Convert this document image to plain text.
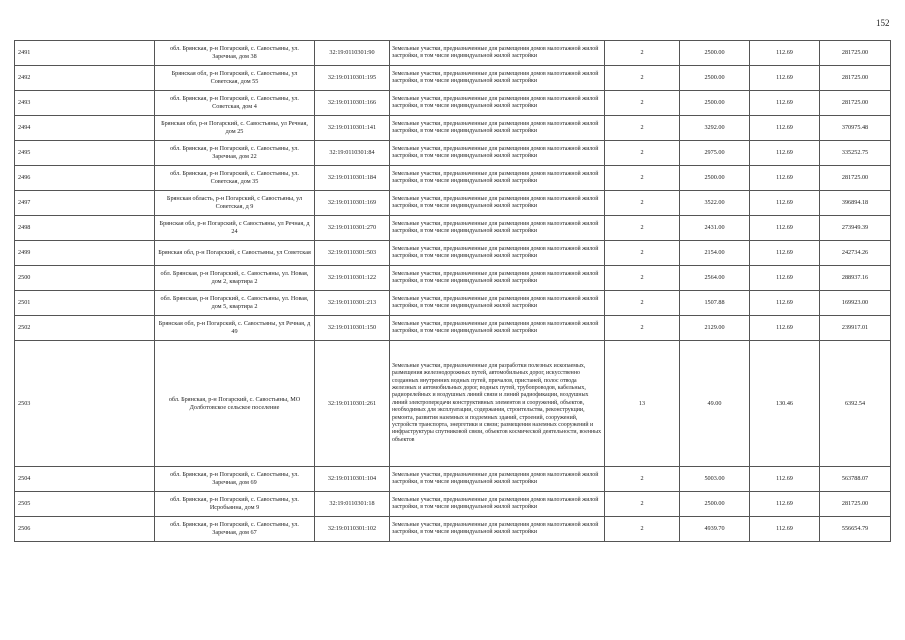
152
2491	обл. Брянская, р-н Погарский, с. Савостьяны, ул. Заречная, дом 38	32:19:0110301:90	Земельные участки, предназначенные для размещения домов малоэтажной жилой застройки, в том числе индивидуальной жилой застройки	2	2500.00	112.69	281725.00
2492	Брянская обл, р-н Погарский, с. Савостьяны, ул Советская, дом 55	32:19:0110301:195	Земельные участки, предназначенные для размещения домов малоэтажной жилой застройки, в том числе индивидуальной жилой застройки	2	2500.00	112.69	281725.00
2493	обл. Брянская, р-н Погарский, с. Савостьяны, ул. Советская, дом 4	32:19:0110301:166	Земельные участки, предназначенные для размещения домов малоэтажной жилой застройки, в том числе индивидуальной жилой застройки	2	2500.00	112.69	281725.00
2494	Брянская обл, р-н Погарский, с. Савостьяны, ул Речная, дом 25	32:19:0110301:141	Земельные участки, предназначенные для размещения домов малоэтажной жилой застройки, в том числе индивидуальной жилой застройки	2	3292.00	112.69	370975.48
2495	обл. Брянская, р-н Погарский, с. Савостьяны, ул. Заречная, дом 22	32:19:0110301:84	Земельные участки, предназначенные для размещения домов малоэтажной жилой застройки, в том числе индивидуальной жилой застройки	2	2975.00	112.69	335252.75
2496	обл. Брянская, р-н Погарский, с. Савостьяны, ул. Советская, дом 35	32:19:0110301:184	Земельные участки, предназначенные для размещения домов малоэтажной жилой застройки, в том числе индивидуальной жилой застройки	2	2500.00	112.69	281725.00
2497	Брянская область, р-н Погарский, с Савостьяны, ул Советская, д 9	32:19:0110301:169	Земельные участки, предназначенные для размещения домов малоэтажной жилой застройки, в том числе индивидуальной жилой застройки	2	3522.00	112.69	396894.18
2498	Брянская обл, р-н Погарский, с Савостьяны, ул Речная, д 24	32:19:0110301:270	Земельные участки, предназначенные для размещения домов малоэтажной жилой застройки, в том числе индивидуальной жилой застройки	2	2431.00	112.69	273949.39
2499	Брянская обл, р-н Погарский, с Савостьяны, ул Советская	32:19:0110301:503	Земельные участки, предназначенные для размещения домов малоэтажной жилой застройки, в том числе индивидуальной жилой застройки	2	2154.00	112.69	242734.26
2500	обл. Брянская, р-н Погарский, с. Савостьяны, ул. Новая, дом 2, квартира 2	32:19:0110301:122	Земельные участки, предназначенные для размещения домов малоэтажной жилой застройки, в том числе индивидуальной жилой застройки	2	2564.00	112.69	288937.16
2501	обл. Брянская, р-н Погарский, с. Савостьяны, ул. Новая, дом 5, квартира 2	32:19:0110301:213	Земельные участки, предназначенные для размещения домов малоэтажной жилой застройки, в том числе индивидуальной жилой застройки	2	1507.88	112.69	169923.00
2502	Брянская обл, р-н Погарский, с. Савостьяны, ул Речная, д 49	32:19:0110301:150	Земельные участки, предназначенные для размещения домов малоэтажной жилой застройки, в том числе индивидуальной жилой застройки	2	2129.00	112.69	239917.01
2503	обл. Брянская, р-н Погарский, с. Савостьяны, МО Долботовское сельское поселение	32:19:0110301:261	Земельные участки, предназначенные для разработки полезных ископаемых, размещения железнодорожных путей, автомобильных дорог, искусственно созданных внутренних водных путей, причалов, пристаней, полос отвода железных и автомобильных дорог, водных путей, трубопроводов, кабельных, радиорелейных и воздушных линий связи и линий радиофикации, воздушных линий электропередачи конструктивных элементов и сооружений, объектов, необходимых для эксплуатации, содержания, строительства, реконструкции, ремонта, развития наземных и подземных зданий, строений, сооружений, устройств транспорта, энергетики и связи; размещения наземных сооружений и инфраструктуры спутниковой связи, объектов космической деятельности, военных объектов	13	49.00	130.46	6392.54
2504	обл. Брянская, р-н Погарский, с. Савостьяны, ул. Заречная, дом 69	32:19:0110301:104	Земельные участки, предназначенные для размещения домов малоэтажной жилой застройки, в том числе индивидуальной жилой застройки	2	5003.00	112.69	563788.07
2505	обл. Брянская, р-н Погарский, с. Савостьяны, ул. Исробьянна, дом 9	32:19:0110301:18	Земельные участки, предназначенные для размещения домов малоэтажной жилой застройки, в том числе индивидуальной жилой застройки	2	2500.00	112.69	281725.00
2506	обл. Брянская, р-н Погарский, с. Савостьяны, ул. Заречная, дом 67	32:19:0110301:102	Земельные участки, предназначенные для размещения домов малоэтажной жилой застройки, в том числе индивидуальной жилой застройки	2	4939.70	112.69	556654.79
